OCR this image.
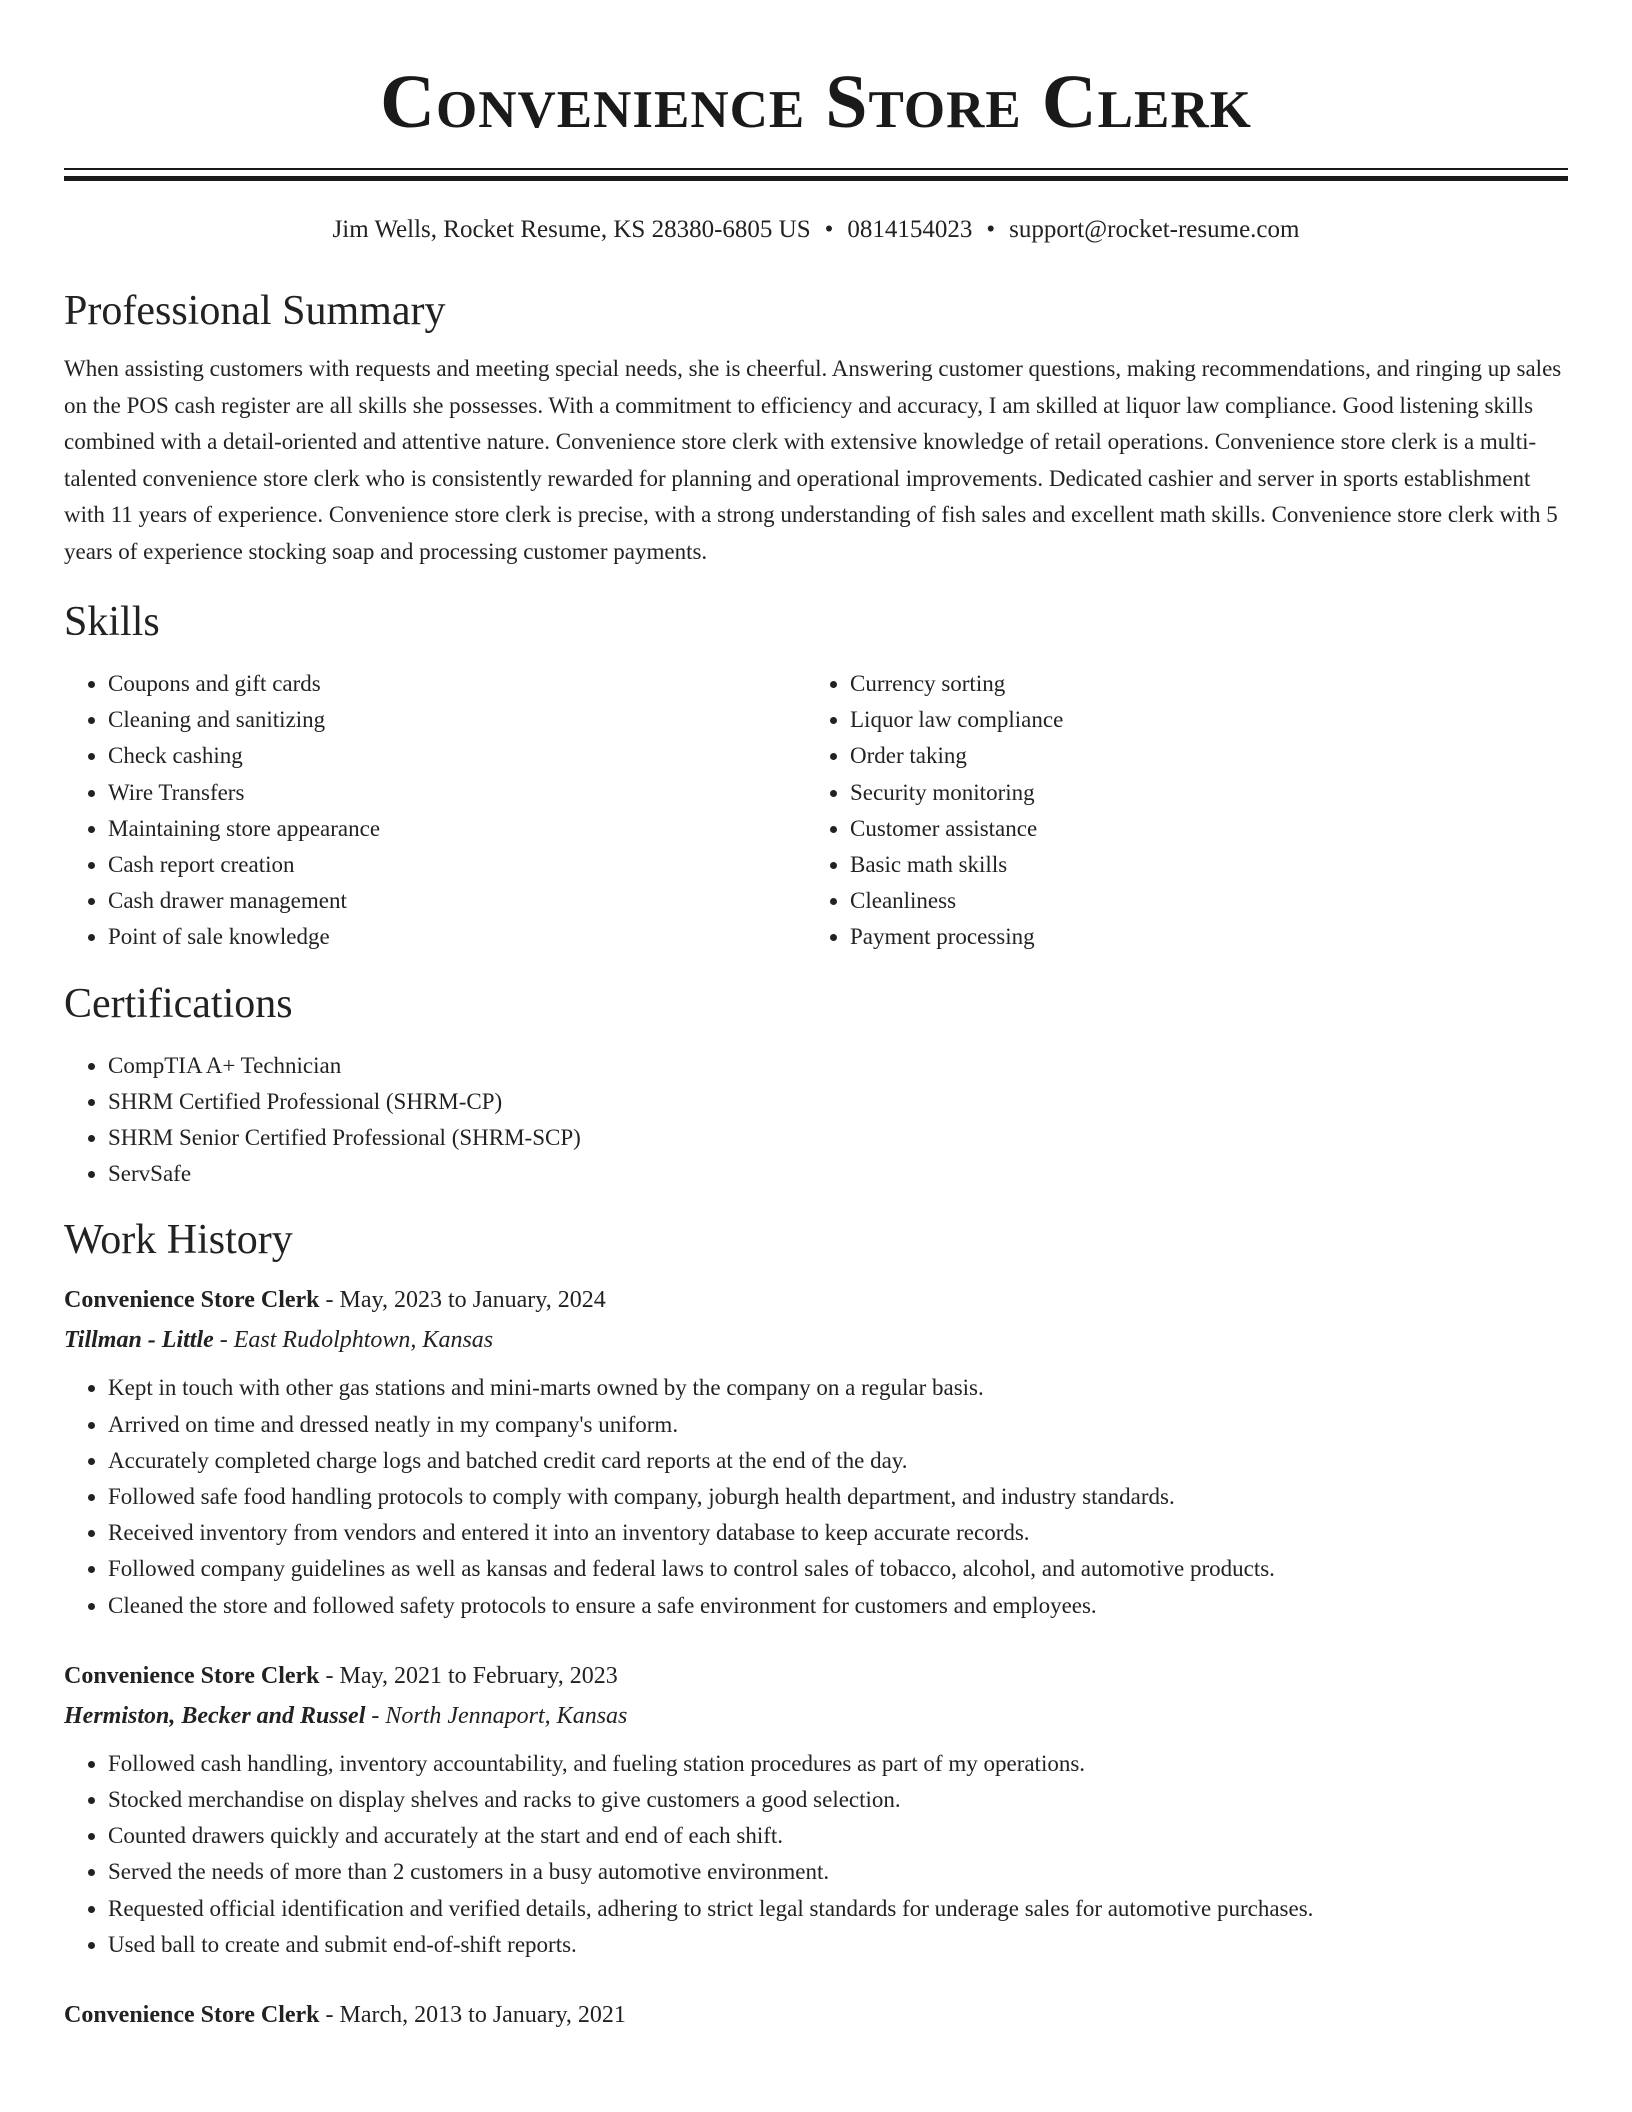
Convenience Store Clerk
Jim Wells, Rocket Resume, KS 28380-6805 US • 0814154023 • support@rocket-resume.com
Professional Summary

When assisting customers with requests and meeting special needs, she is cheerful. Answering customer questions, making recommendations, and ringing up sales on the POS cash register are all skills she possesses. With a commitment to efficiency and accuracy, I am skilled at liquor law compliance. Good listening skills combined with a detail-oriented and attentive nature. Convenience store clerk with extensive knowledge of retail operations. Convenience store clerk is a multi-talented convenience store clerk who is consistently rewarded for planning and operational improvements. Dedicated cashier and server in sports establishment with 11 years of experience. Convenience store clerk is precise, with a strong understanding of fish sales and excellent math skills. Convenience store clerk with 5 years of experience stocking soap and processing customer payments.

Skills
• Coupons and gift cards
• Cleaning and sanitizing
• Check cashing
• Wire Transfers
• Maintaining store appearance
• Cash report creation
• Cash drawer management
• Point of sale knowledge
• Currency sorting
• Liquor law compliance
• Order taking
• Security monitoring
• Customer assistance
• Basic math skills
• Cleanliness
• Payment processing
Certifications
• CompTIA A+ Technician
• SHRM Certified Professional (SHRM-CP)
• SHRM Senior Certified Professional (SHRM-SCP)
• ServSafe
Work History
Convenience Store Clerk - May, 2023 to January, 2024
Tillman - Little - East Rudolphtown, Kansas
• Kept in touch with other gas stations and mini-marts owned by the company on a regular basis.
• Arrived on time and dressed neatly in my company's uniform.
• Accurately completed charge logs and batched credit card reports at the end of the day.
• Followed safe food handling protocols to comply with company, joburgh health department, and industry standards.
• Received inventory from vendors and entered it into an inventory database to keep accurate records.
• Followed company guidelines as well as kansas and federal laws to control sales of tobacco, alcohol, and automotive products.
• Cleaned the store and followed safety protocols to ensure a safe environment for customers and employees.
Convenience Store Clerk - May, 2021 to February, 2023
Hermiston, Becker and Russel - North Jennaport, Kansas
• Followed cash handling, inventory accountability, and fueling station procedures as part of my operations.
• Stocked merchandise on display shelves and racks to give customers a good selection.
• Counted drawers quickly and accurately at the start and end of each shift.
• Served the needs of more than 2 customers in a busy automotive environment.
• Requested official identification and verified details, adhering to strict legal standards for underage sales for automotive purchases.
• Used ball to create and submit end-of-shift reports.
Convenience Store Clerk - March, 2013 to January, 2021
